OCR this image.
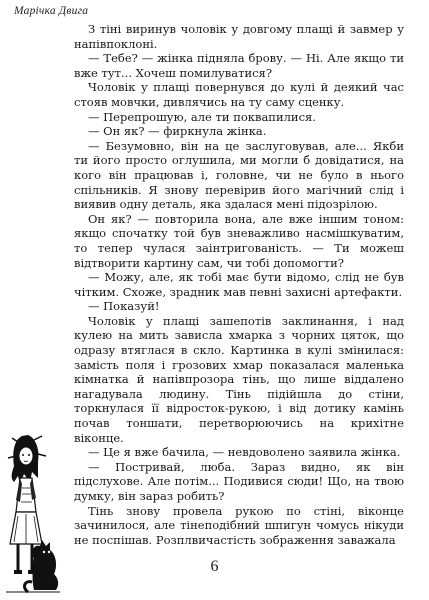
Марічка Двига

З тіні виринув чоловік у довгому плащі й завмер у напівпоклоні.

— Тебе? — жінка підняла брову. — Ні. Але якщо ти вже тут... Хочеш помилуватися?

Чоловік у плащі повернувся до кулі й деякий час стояв мовчки, дивлячись на ту саму сценку.

— Перепрошую, але ти поквапилися.

— Он як? — фиркнула жінка.

— Безумовно, він на це заслуговував, але... Якби ти його просто оглушила, ми могли б довідатися, на кого він працював і, головне, чи не було в нього спільників. Я знову перевірив його магічний слід і виявив одну деталь, яка здалася мені підозрілою.

Он як? — повторила вона, але вже іншим тоном: якщо спочатку той був зневажливо насмішкуватим, то тепер чулася заінтригованість. — Ти можеш відтворити картину сам, чи тобі допомогти?

— Можу, але, як тобі має бути відомо, слід не був чітким. Схоже, зрадник мав певні захисні артефакти.

— Показуй!

Чоловік у плащі зашепотів заклинання, і над кулею на мить зависла хмарка з чорних цяток, що одразу втяглася в скло. Картинка в кулі змінилася: замість поля і грозових хмар показалася маленька кімнатка й напівпрозора тінь, що лише віддалено нагадувала людину. Тінь підійшла до стіни, торкнулася її відросток-рукою, і від дотику камінь почав тоншати, перетворюючись на крихітне віконце.

— Це я вже бачила, — невдоволено заявила жінка.

— Постривай, люба. Зараз видно, як він підслухове. Але потім... Подивися сюди! Що, на твою думку, він зараз робить?

Тінь знову провела рукою по стіні, віконце зачинилося, але тінеподібний шпигун чомусь нікуди не поспішав. Розплвичастість зображення заважала

6
